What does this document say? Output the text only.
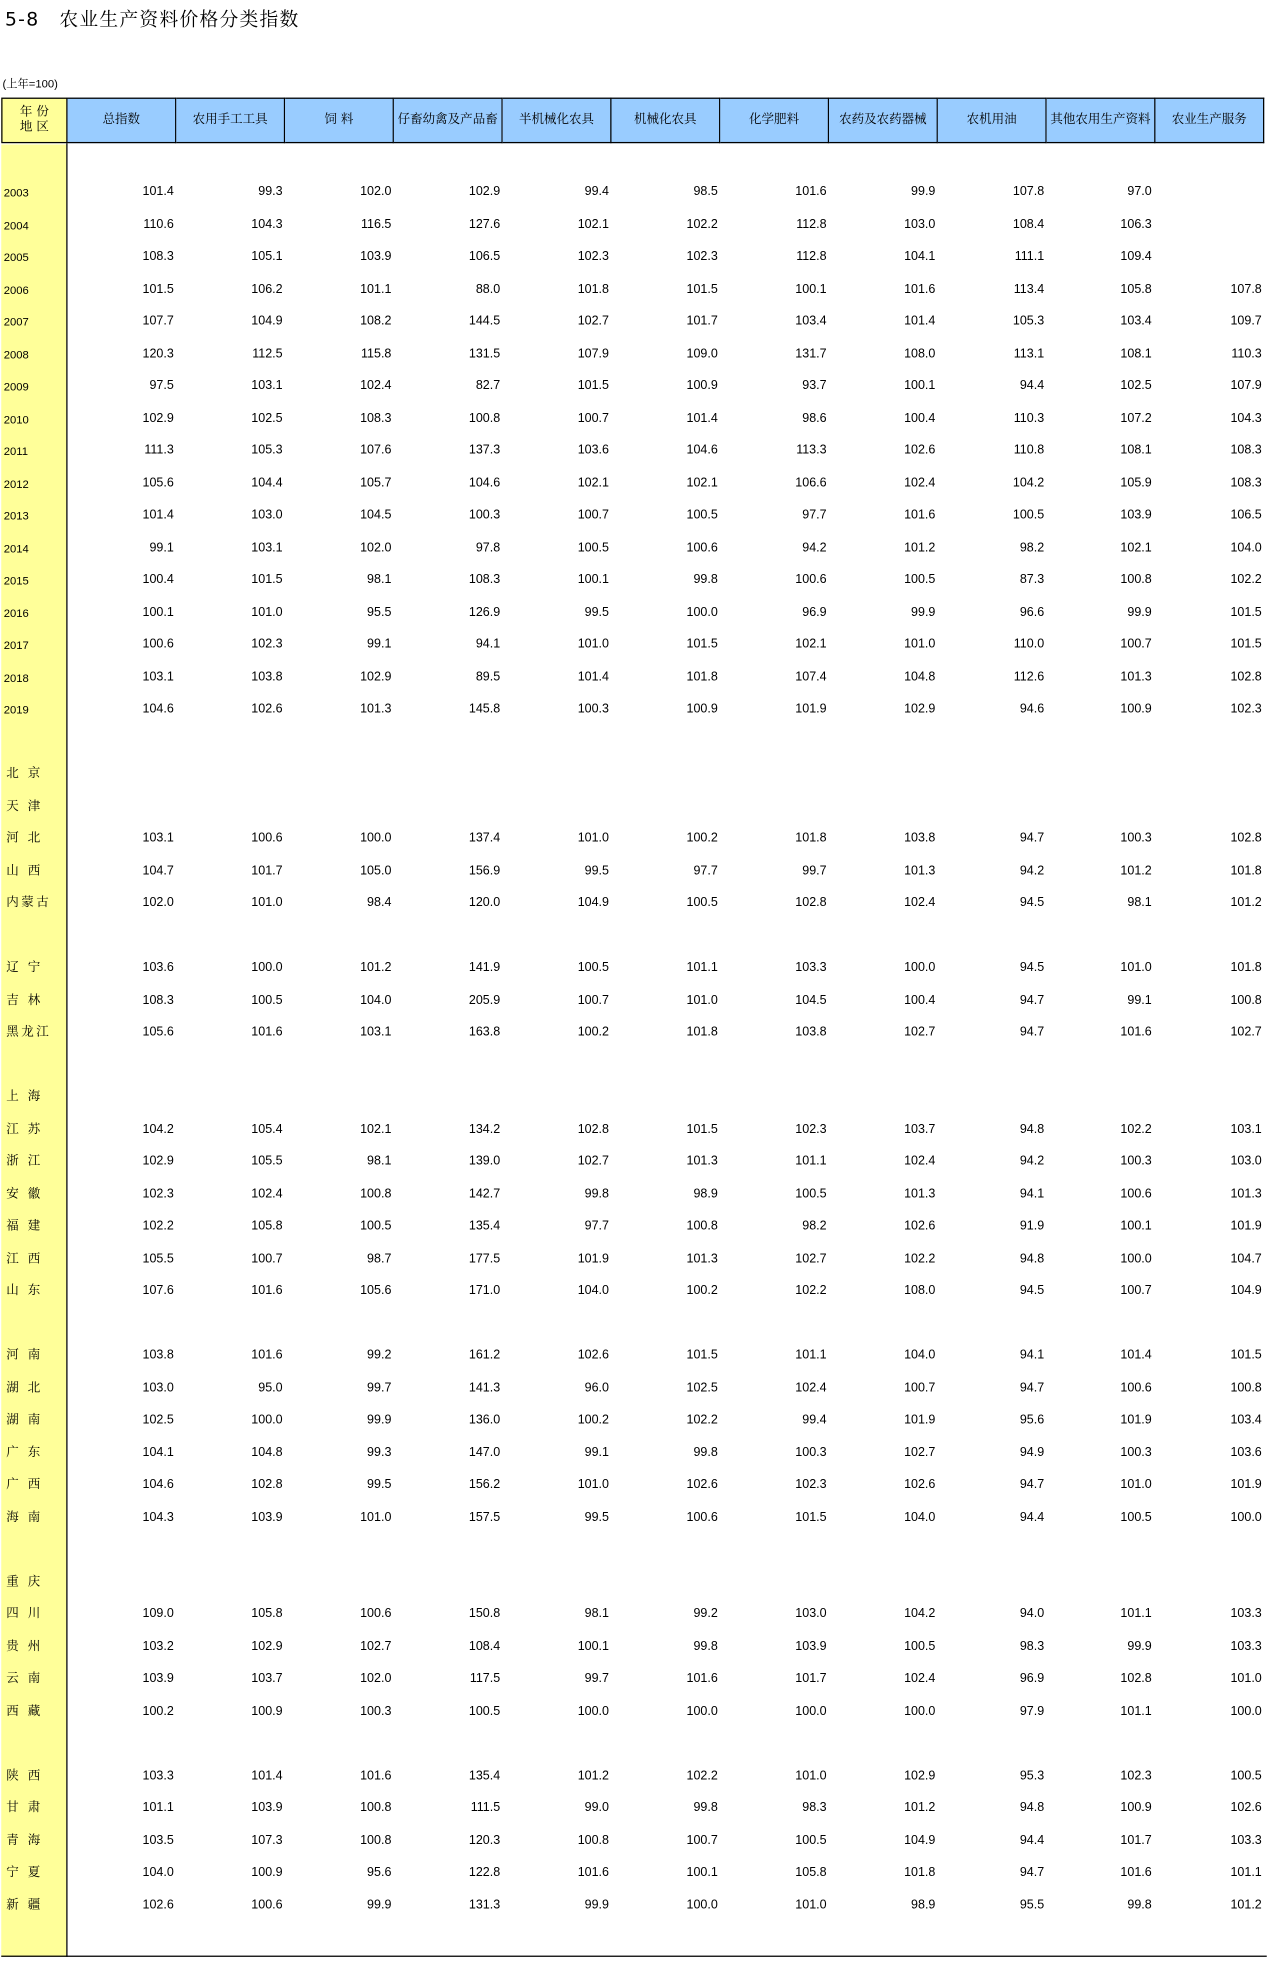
5-8 农业生产资料价格分类指数
(上年=100)
年 份
地 区
总指数	农用手工工具	饲 料	仔畜幼禽及产品畜	半机械化农具	机械化农具	化学肥料	农药及农药器械	农机用油	其他农用生产资料	农业生产服务
2003	101.4	99.3	102.0	102.9	99.4	98.5	101.6	99.9	107.8	97.0
2004	110.6	104.3	116.5	127.6	102.1	102.2	112.8	103.0	108.4	106.3
2005	108.3	105.1	103.9	106.5	102.3	102.3	112.8	104.1	111.1	109.4
2006	101.5	106.2	101.1	88.0	101.8	101.5	100.1	101.6	113.4	105.8	107.8
2007	107.7	104.9	108.2	144.5	102.7	101.7	103.4	101.4	105.3	103.4	109.7
2008	120.3	112.5	115.8	131.5	107.9	109.0	131.7	108.0	113.1	108.1	110.3
2009	97.5	103.1	102.4	82.7	101.5	100.9	93.7	100.1	94.4	102.5	107.9
2010	102.9	102.5	108.3	100.8	100.7	101.4	98.6	100.4	110.3	107.2	104.3
2011	111.3	105.3	107.6	137.3	103.6	104.6	113.3	102.6	110.8	108.1	108.3
2012	105.6	104.4	105.7	104.6	102.1	102.1	106.6	102.4	104.2	105.9	108.3
2013	101.4	103.0	104.5	100.3	100.7	100.5	97.7	101.6	100.5	103.9	106.5
2014	99.1	103.1	102.0	97.8	100.5	100.6	94.2	101.2	98.2	102.1	104.0
2015	100.4	101.5	98.1	108.3	100.1	99.8	100.6	100.5	87.3	100.8	102.2
2016	100.1	101.0	95.5	126.9	99.5	100.0	96.9	99.9	96.6	99.9	101.5
2017	100.6	102.3	99.1	94.1	101.0	101.5	102.1	101.0	110.0	100.7	101.5
2018	103.1	103.8	102.9	89.5	101.4	101.8	107.4	104.8	112.6	101.3	102.8
2019	104.6	102.6	101.3	145.8	100.3	100.9	101.9	102.9	94.6	100.9	102.3
北 京
天 津
河 北	103.1	100.6	100.0	137.4	101.0	100.2	101.8	103.8	94.7	100.3	102.8
山 西	104.7	101.7	105.0	156.9	99.5	97.7	99.7	101.3	94.2	101.2	101.8
内蒙古	102.0	101.0	98.4	120.0	104.9	100.5	102.8	102.4	94.5	98.1	101.2
辽 宁	103.6	100.0	101.2	141.9	100.5	101.1	103.3	100.0	94.5	101.0	101.8
吉 林	108.3	100.5	104.0	205.9	100.7	101.0	104.5	100.4	94.7	99.1	100.8
黑龙江	105.6	101.6	103.1	163.8	100.2	101.8	103.8	102.7	94.7	101.6	102.7
上 海
江 苏	104.2	105.4	102.1	134.2	102.8	101.5	102.3	103.7	94.8	102.2	103.1
浙 江	102.9	105.5	98.1	139.0	102.7	101.3	101.1	102.4	94.2	100.3	103.0
安 徽	102.3	102.4	100.8	142.7	99.8	98.9	100.5	101.3	94.1	100.6	101.3
福 建	102.2	105.8	100.5	135.4	97.7	100.8	98.2	102.6	91.9	100.1	101.9
江 西	105.5	100.7	98.7	177.5	101.9	101.3	102.7	102.2	94.8	100.0	104.7
山 东	107.6	101.6	105.6	171.0	104.0	100.2	102.2	108.0	94.5	100.7	104.9
河 南	103.8	101.6	99.2	161.2	102.6	101.5	101.1	104.0	94.1	101.4	101.5
湖 北	103.0	95.0	99.7	141.3	96.0	102.5	102.4	100.7	94.7	100.6	100.8
湖 南	102.5	100.0	99.9	136.0	100.2	102.2	99.4	101.9	95.6	101.9	103.4
广 东	104.1	104.8	99.3	147.0	99.1	99.8	100.3	102.7	94.9	100.3	103.6
广 西	104.6	102.8	99.5	156.2	101.0	102.6	102.3	102.6	94.7	101.0	101.9
海 南	104.3	103.9	101.0	157.5	99.5	100.6	101.5	104.0	94.4	100.5	100.0
重 庆
四 川	109.0	105.8	100.6	150.8	98.1	99.2	103.0	104.2	94.0	101.1	103.3
贵 州	103.2	102.9	102.7	108.4	100.1	99.8	103.9	100.5	98.3	99.9	103.3
云 南	103.9	103.7	102.0	117.5	99.7	101.6	101.7	102.4	96.9	102.8	101.0
西 藏	100.2	100.9	100.3	100.5	100.0	100.0	100.0	100.0	97.9	101.1	100.0
陕 西	103.3	101.4	101.6	135.4	101.2	102.2	101.0	102.9	95.3	102.3	100.5
甘 肃	101.1	103.9	100.8	111.5	99.0	99.8	98.3	101.2	94.8	100.9	102.6
青 海	103.5	107.3	100.8	120.3	100.8	100.7	100.5	104.9	94.4	101.7	103.3
宁 夏	104.0	100.9	95.6	122.8	101.6	100.1	105.8	101.8	94.7	101.6	101.1
新 疆	102.6	100.6	99.9	131.3	99.9	100.0	101.0	98.9	95.5	99.8	101.2
